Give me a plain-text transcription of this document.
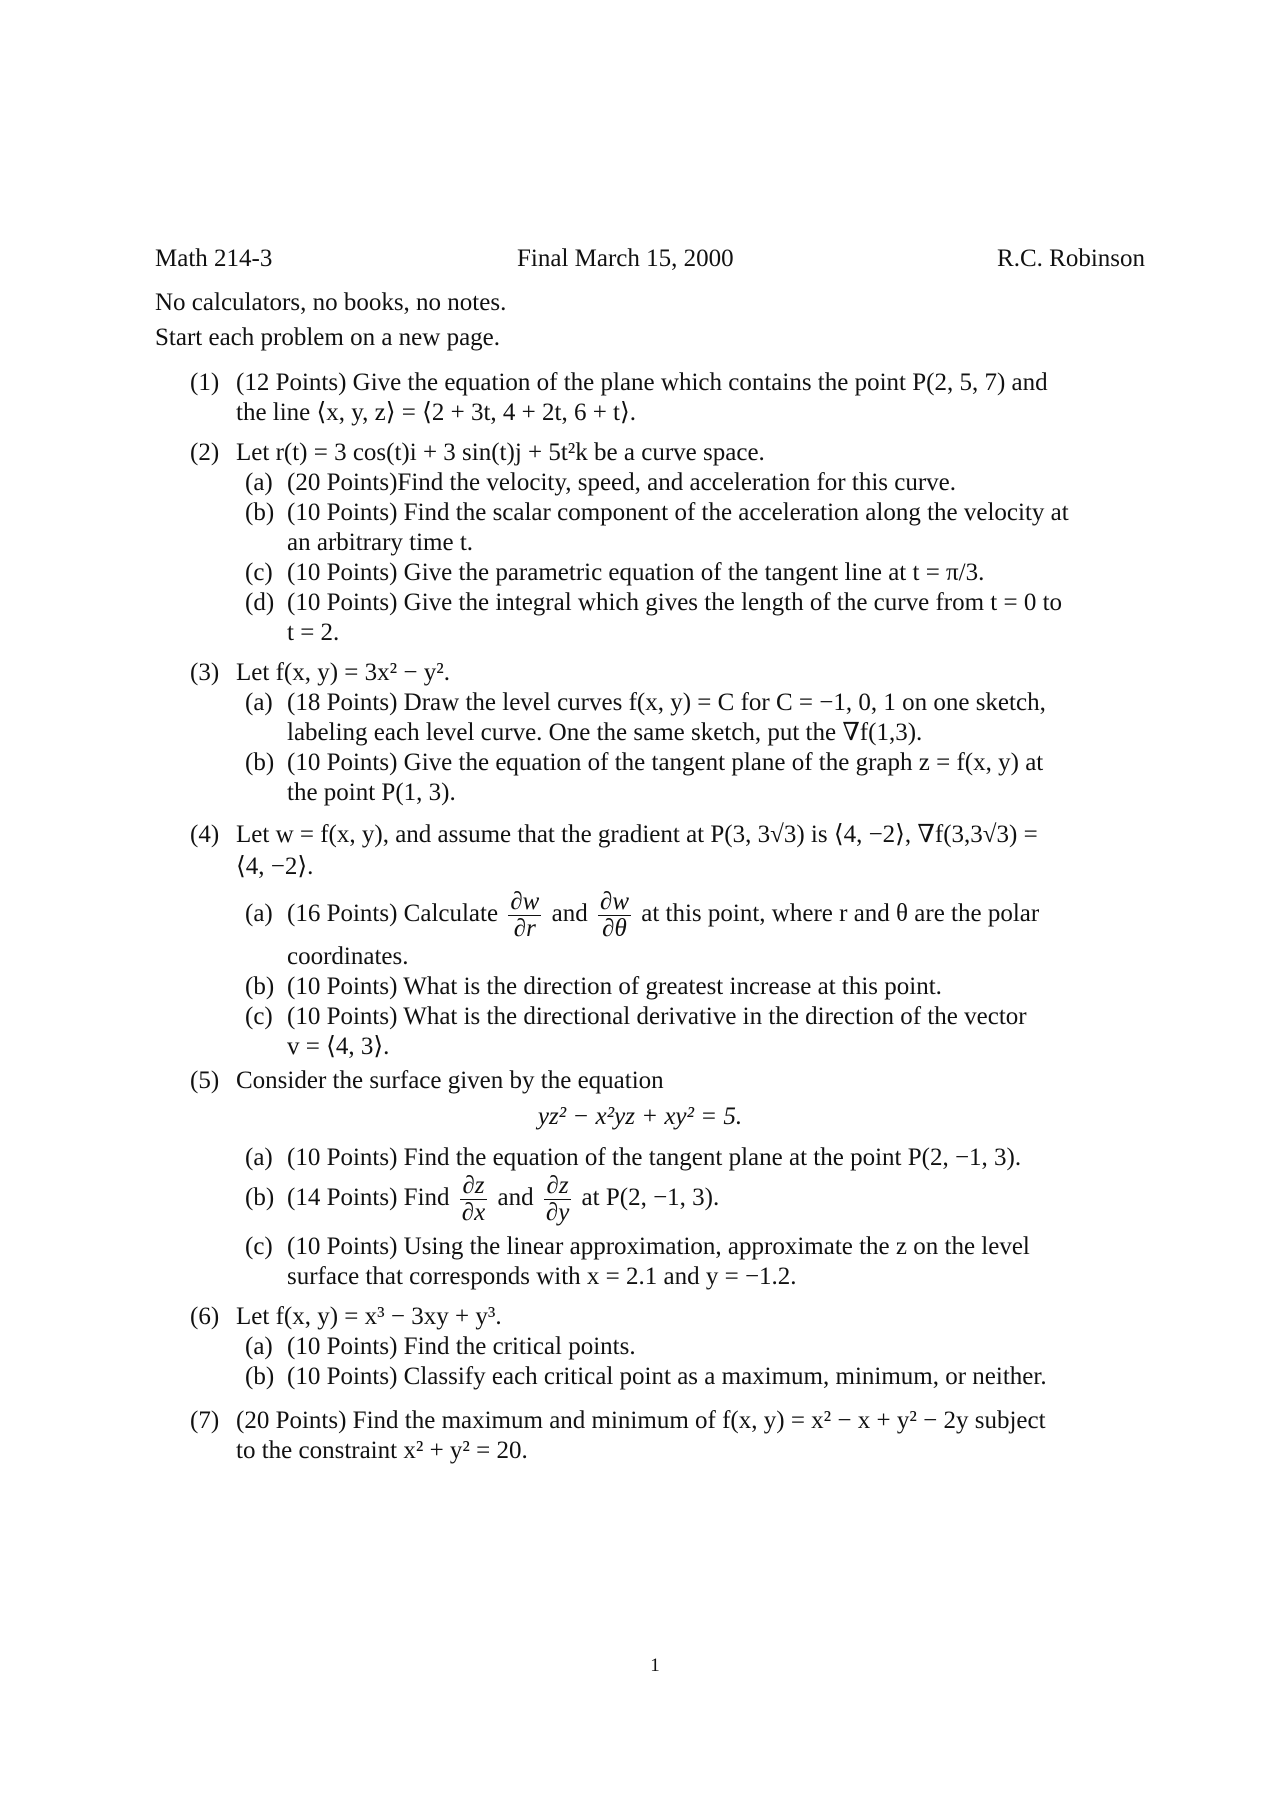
Math 214-3	Final March 15, 2000	R.C. Robinson
No calculators, no books, no notes.
Start each problem on a new page.
(1) (12 Points) Give the equation of the plane which contains the point P(2, 5, 7) and
the line ⟨x, y, z⟩ = ⟨2 + 3t, 4 + 2t, 6 + t⟩.
(2) Let r(t) = 3 cos(t)i + 3 sin(t)j + 5t²k be a curve space.
(a) (20 Points)Find the velocity, speed, and acceleration for this curve.
(b) (10 Points) Find the scalar component of the acceleration along the velocity at
an arbitrary time t.
(c) (10 Points) Give the parametric equation of the tangent line at t = π/3.
(d) (10 Points) Give the integral which gives the length of the curve from t = 0 to
t = 2.
(3) Let f(x, y) = 3x² − y².
(a) (18 Points) Draw the level curves f(x, y) = C for C = −1, 0, 1 on one sketch,
labeling each level curve. One the same sketch, put the ∇f(1,3).
(b) (10 Points) Give the equation of the tangent plane of the graph z = f(x, y) at
the point P(1, 3).
(4) Let w = f(x, y), and assume that the gradient at P(3, 3√3) is ⟨4, −2⟩, ∇f(3,3√3) =
⟨4, −2⟩.
(a) (16 Points) Calculate $\frac{\partial w}{\partial r}$ and $\frac{\partial w}{\partial\theta}$ at this point, where r and θ are the polar
coordinates.
(b) (10 Points) What is the direction of greatest increase at this point.
(c) (10 Points) What is the directional derivative in the direction of the vector
v = ⟨4, 3⟩.
(5) Consider the surface given by the equation
yz² − x²yz + xy² = 5.
(a) (10 Points) Find the equation of the tangent plane at the point P(2, −1, 3).
(b) (14 Points) Find $\frac{\partial z}{\partial x}$ and $\frac{\partial z}{\partial y}$ at P(2, −1, 3).
(c) (10 Points) Using the linear approximation, approximate the z on the level
surface that corresponds with x = 2.1 and y = −1.2.
(6) Let f(x, y) = x³ − 3xy + y³.
(a) (10 Points) Find the critical points.
(b) (10 Points) Classify each critical point as a maximum, minimum, or neither.
(7) (20 Points) Find the maximum and minimum of f(x, y) = x² − x + y² − 2y subject
to the constraint x² + y² = 20.
1
